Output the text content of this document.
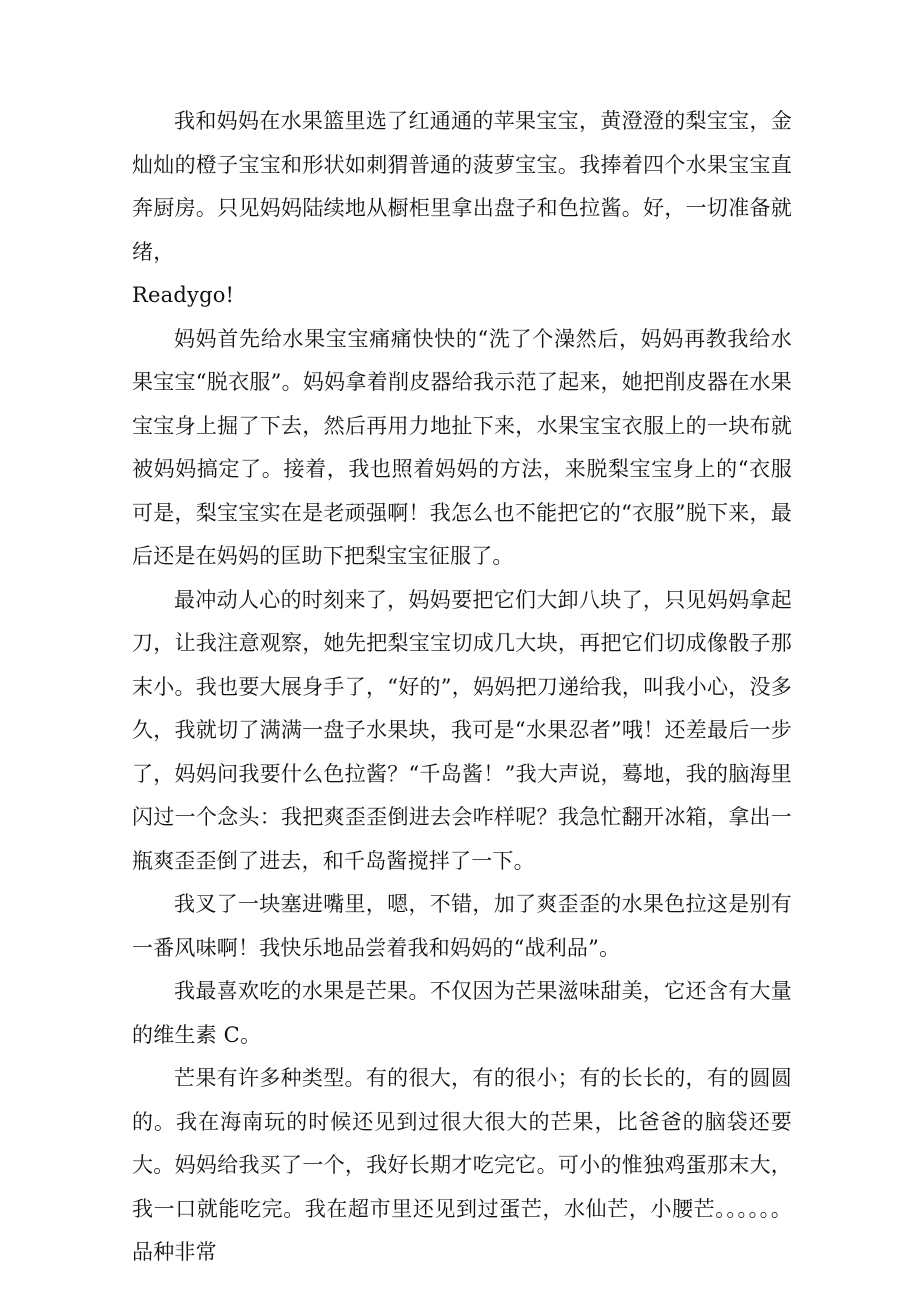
我和妈妈在水果篮里选了红通通的苹果宝宝，黄澄澄的梨宝宝，金灿灿的橙子宝宝和形状如刺猬普通的菠萝宝宝。我捧着四个水果宝宝直奔厨房。只见妈妈陆续地从橱柜里拿出盘子和色拉酱。好，一切准备就绪，

Readygo!

妈妈首先给水果宝宝痛痛快快的“洗了个澡然后，妈妈再教我给水果宝宝“脱衣服”。妈妈拿着削皮器给我示范了起来，她把削皮器在水果宝宝身上掘了下去，然后再用力地扯下来，水果宝宝衣服上的一块布就被妈妈搞定了。接着，我也照着妈妈的方法，来脱梨宝宝身上的“衣服可是，梨宝宝实在是老顽强啊！我怎么也不能把它的“衣服”脱下来，最后还是在妈妈的匡助下把梨宝宝征服了。

最冲动人心的时刻来了，妈妈要把它们大卸八块了，只见妈妈拿起刀，让我注意观察，她先把梨宝宝切成几大块，再把它们切成像骰子那末小。我也要大展身手了，“好的”，妈妈把刀递给我，叫我小心，没多久，我就切了满满一盘子水果块，我可是“水果忍者”哦！还差最后一步了，妈妈问我要什么色拉酱？“千岛酱！”我大声说，蓦地，我的脑海里闪过一个念头：我把爽歪歪倒进去会咋样呢？我急忙翻开冰箱，拿出一瓶爽歪歪倒了进去，和千岛酱搅拌了一下。

我叉了一块塞进嘴里，嗯，不错，加了爽歪歪的水果色拉这是别有一番风味啊！我快乐地品尝着我和妈妈的“战利品”。

我最喜欢吃的水果是芒果。不仅因为芒果滋味甜美，它还含有大量的维生素 C。

芒果有许多种类型。有的很大，有的很小；有的长长的，有的圆圆的。我在海南玩的时候还见到过很大很大的芒果，比爸爸的脑袋还要大。妈妈给我买了一个，我好长期才吃完它。可小的惟独鸡蛋那末大，我一口就能吃完。我在超市里还见到过蛋芒，水仙芒，小腰芒。。。。。。品种非常
